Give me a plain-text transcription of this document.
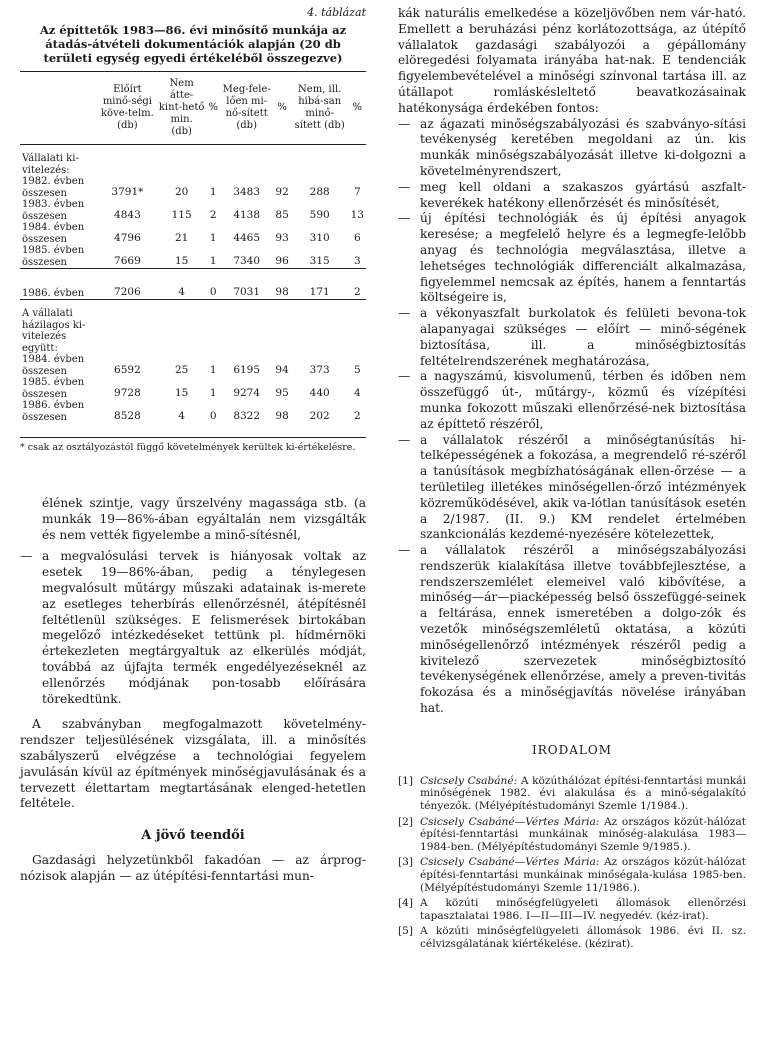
4. táblázat
Az építtetők 1983—86. évi minősítő munkája az átadás-átvételi dokumentációk alapján (20 db területi egység egyedi értékeléből összegezve)
	Előírt minő-ségi köve-telm. (db)	Nem átte-kint-hető min. (db)	%	Meg-fele-lően mi-nő-sített (db)	%	Nem, ill. hibá-san minő-sített (db)	%

Vállalati ki-vitelezés:							
1982. évben összesen	3791*	20	1	3483	92	288	7
1983. évben összesen	4843	115	2	4138	85	590	13
1984. évben összesen	4796	21	1	4465	93	310	6
1985. évben összesen	7669	15	1	7340	96	315	3

1986. évben	7206	4	0	7031	98	171	2

A vállalati házilagos ki-vitelezés együtt:							
1984. évben összesen	6592	25	1	6195	94	373	5
1985. évben összesen	9728	15	1	9274	95	440	4
1986. évben összesen	8528	4	0	8322	98	202	2

* csak az osztályozástól függő követelmények kerültek ki-értékelésre.

élének szintje, vagy űrszelvény magassága stb. (a munkák 19—86%-ában egyáltalán nem vizsgálták és nem vették figyelembe a minő-sítésnél,

— a megvalósulási tervek is hiányosak voltak az esetek 19—86%-ában, pedig a ténylegesen megvalósult műtárgy műszaki adatainak is-merete az esetleges teherbírás ellenőrzésnél, átépítésnél feltétlenül szükséges. E felismerések birtokában megelőző intézkedéseket tettünk pl. hídmérnöki értekezleten megtárgyaltuk az elkerülés módját, továbbá az újfajta termék engedélyezéseknél az ellenőrzés módjának pon-tosabb előírására törekedtünk.

A szabványban megfogalmazott követelmény-rendszer teljesülésének vizsgálata, ill. a minősítés szabályszerű elvégzése a technológiai fegyelem javulásán kívül az építmények minőségjavulásának és a tervezett élettartam megtartásának elenged-hetetlen feltétele.

A jövő teendői

Gazdasági helyzetünkből fakadóan — az árprog-nózisok alapján — az útépítési-fenntartási mun-

kák naturális emelkedése a közeljövőben nem vár-ható. Emellett a beruházási pénz korlátozottsága, az útépítő vállalatok gazdasági szabályozói a gépállomány elöregedési folyamata irányába hat-nak. E tendenciák figyelembevételével a minőségi színvonal tartása ill. az útállapot romláskésleltető beavatkozásainak hatékonysága érdekében fontos:

— az ágazati minőségszabályozási és szabványo-sítási tevékenység keretében megoldani az ún. kis munkák minőségszabályozását illetve ki-dolgozni a követelményrendszert,
— meg kell oldani a szakaszos gyártású aszfalt-keverékek hatékony ellenőrzését és minősítését,
— új építési technológiák és új építési anyagok keresése; a megfelelő helyre és a legmegfe-lelőbb anyag és technológia megválasztása, illetve a lehetséges technológiák differenciált alkalmazása, figyelemmel nemcsak az építés, hanem a fenntartás költségeire is,
— a vékonyaszfalt burkolatok és felületi bevona-tok alapanyagai szükséges — előírt — minő-ségének biztosítása, ill. a minőségbiztosítás feltételrendszerének meghatározása,
— a nagyszámú, kisvolumenű, térben és időben nem összefüggő út-, műtárgy-, közmű és vízépítési munka fokozott műszaki ellenőrzésé-nek biztosítása az építtető részéről,
— a vállalatok részéről a minőségtanúsítás hi-telképességének a fokozása, a megrendelő ré-széről a tanúsítások megbízhatóságának ellen-őrzése — a területileg illetékes minőségellen-őrző intézmények közreműködésével, akik va-lótlan tanúsítások esetén a 2/1987. (II. 9.) KM rendelet értelmében szankcionálás kezdemé-nyezésére kötelezettek,
— a vállalatok részéről a minőségszabályozási rendszerük kialakítása illetve továbbfejlesztése, a rendszerszemlélet elemeivel való kibővítése, a minőség—ár—piacképesség belső összefüggé-seinek a feltárása, ennek ismeretében a dolgo-zók és vezetők minőségszemléletű oktatása, a közúti minőségellenőrző intézmények részéről pedig a kivitelező szervezetek minőségbiztosító tevékenységének ellenőrzése, amely a preven-tivitás fokozása és a minőségjavítás növelése irányában hat.
IRODALOM
[1] Csicsely Csabáné: A közúthálózat építési-fenntartási munkái minőségének 1982. évi alakulása és a minő-ségalakító tényezők. (Mélyépítéstudományi Szemle 1/1984.).
[2] Csicsely Csabáné—Vértes Mária: Az országos közút-hálózat építési-fenntartási munkáinak minőség-alakulása 1983—1984-ben. (Mélyépítéstudományi Szemle 9/1985.).
[3] Csicsely Csabáné—Vértes Mária: Az országos közút-hálózat építési-fenntartási munkáinak minőségala-kulása 1985-ben. (Mélyépítéstudományi Szemle 11/1986.).
[4] A közúti minőségfelügyeleti állomások ellenőrzési tapasztalatai 1986. I—II—III—IV. negyedév. (kéz-irat).
[5] A közúti minőségfelügyeleti állomások 1986. évi II. sz. célvizsgálatának kiértékelése. (kézirat).
